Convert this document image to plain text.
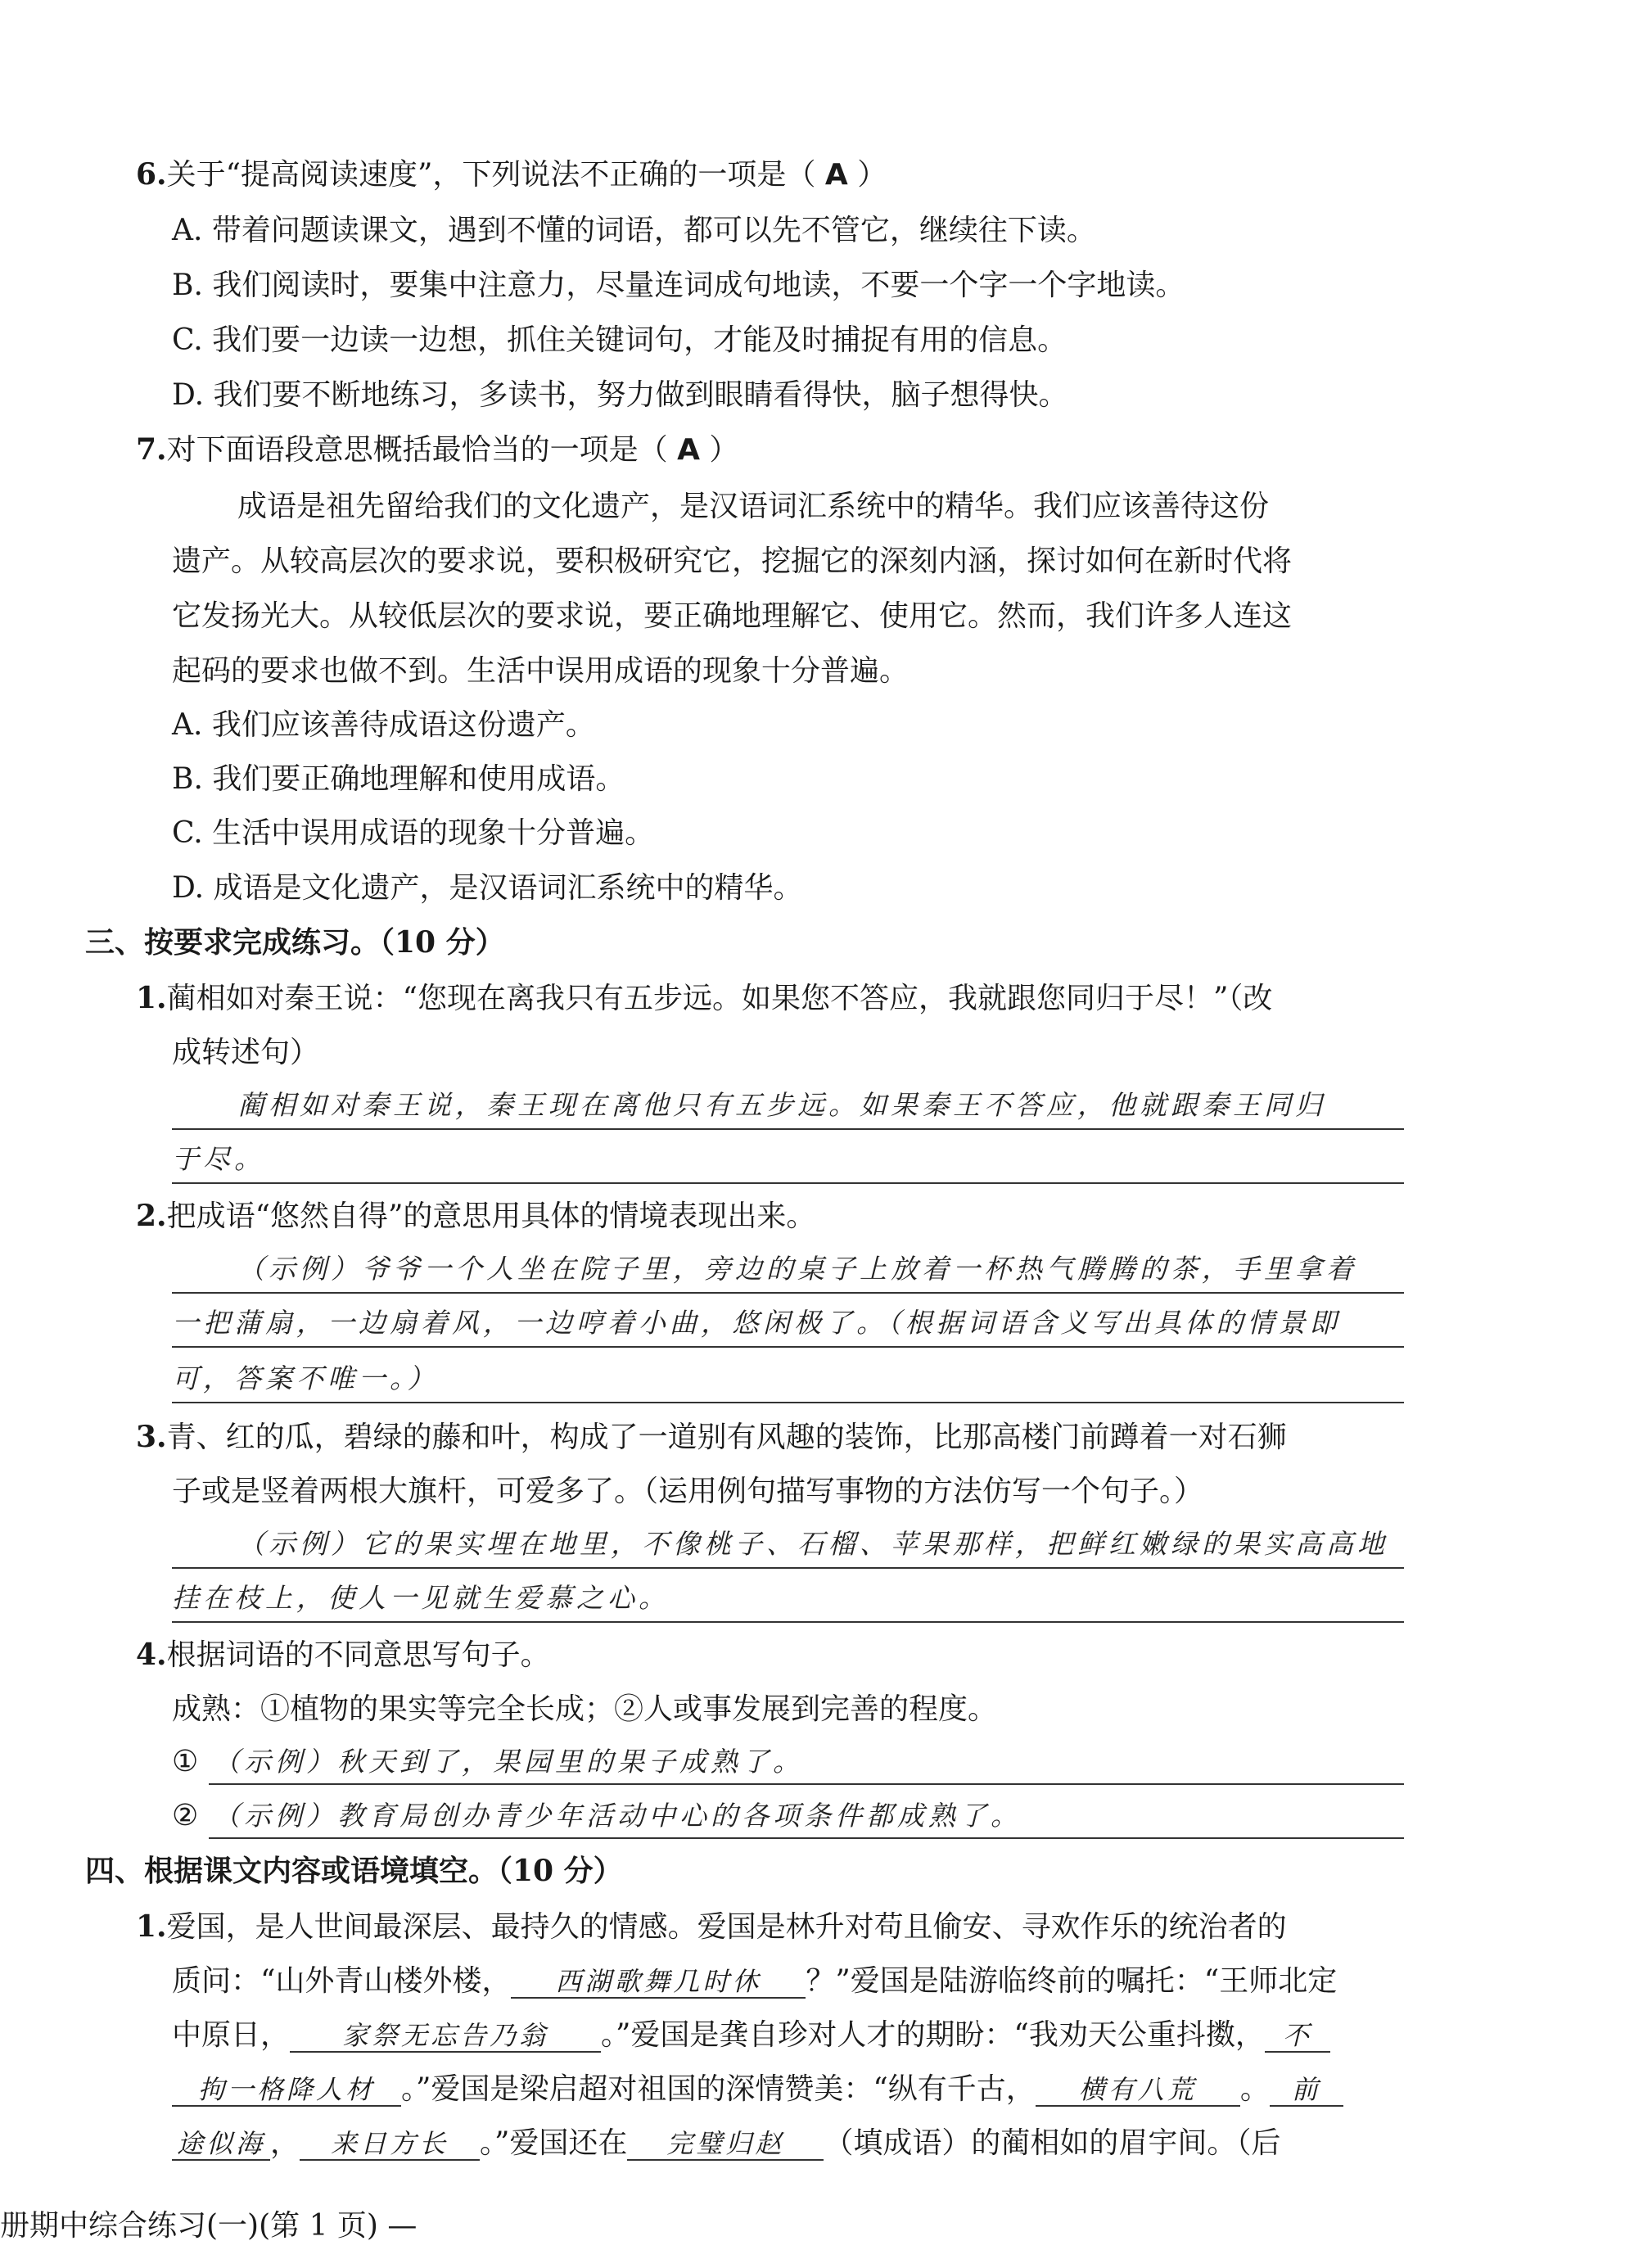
6.关于“提高阅读速度”，下列说法不正确的一项是（ A ）
A. 带着问题读课文，遇到不懂的词语，都可以先不管它，继续往下读。
B. 我们阅读时，要集中注意力，尽量连词成句地读，不要一个字一个字地读。
C. 我们要一边读一边想，抓住关键词句，才能及时捕捉有用的信息。
D. 我们要不断地练习，多读书，努力做到眼睛看得快，脑子想得快。
7.对下面语段意思概括最恰当的一项是（ A ）
成语是祖先留给我们的文化遗产，是汉语词汇系统中的精华。我们应该善待这份
遗产。从较高层次的要求说，要积极研究它，挖掘它的深刻内涵，探讨如何在新时代将
它发扬光大。从较低层次的要求说，要正确地理解它、使用它。然而，我们许多人连这
起码的要求也做不到。生活中误用成语的现象十分普遍。
A. 我们应该善待成语这份遗产。
B. 我们要正确地理解和使用成语。
C. 生活中误用成语的现象十分普遍。
D. 成语是文化遗产，是汉语词汇系统中的精华。
三、按要求完成练习。（10 分）
1.蔺相如对秦王说：“您现在离我只有五步远。如果您不答应，我就跟您同归于尽！”（改
成转述句）
蔺相如对秦王说，秦王现在离他只有五步远。如果秦王不答应，他就跟秦王同归
于尽。
2.把成语“悠然自得”的意思用具体的情境表现出来。
（示例）爷爷一个人坐在院子里，旁边的桌子上放着一杯热气腾腾的茶，手里拿着
一把蒲扇，一边扇着风，一边哼着小曲，悠闲极了。（根据词语含义写出具体的情景即
可，答案不唯一。）
3.青、红的瓜，碧绿的藤和叶，构成了一道别有风趣的装饰，比那高楼门前蹲着一对石狮
子或是竖着两根大旗杆，可爱多了。（运用例句描写事物的方法仿写一个句子。）
（示例）它的果实埋在地里，不像桃子、石榴、苹果那样，把鲜红嫩绿的果实高高地
挂在枝上，使人一见就生爱慕之心。
4.根据词语的不同意思写句子。
成熟：①植物的果实等完全长成；②人或事发展到完善的程度。
① （示例）秋天到了，果园里的果子成熟了。
② （示例）教育局创办青少年活动中心的各项条件都成熟了。
四、根据课文内容或语境填空。（10 分）
1.爱国，是人世间最深层、最持久的情感。爱国是林升对苟且偷安、寻欢作乐的统治者的
质问：“山外青山楼外楼， 西湖歌舞几时休 ？”爱国是陆游临终前的嘱托：“王师北定
中原日， 家祭无忘告乃翁 。”爱国是龚自珍对人才的期盼：“我劝天公重抖擞， 不
拘一格降人材 。”爱国是梁启超对祖国的深情赞美：“纵有千古， 横有八荒 。 前
途似海 ， 来日方长 。”爱国还在 完璧归赵 （填成语）的蔺相如的眉宇间。（后
册期中综合练习(一)(第 1 页) —
